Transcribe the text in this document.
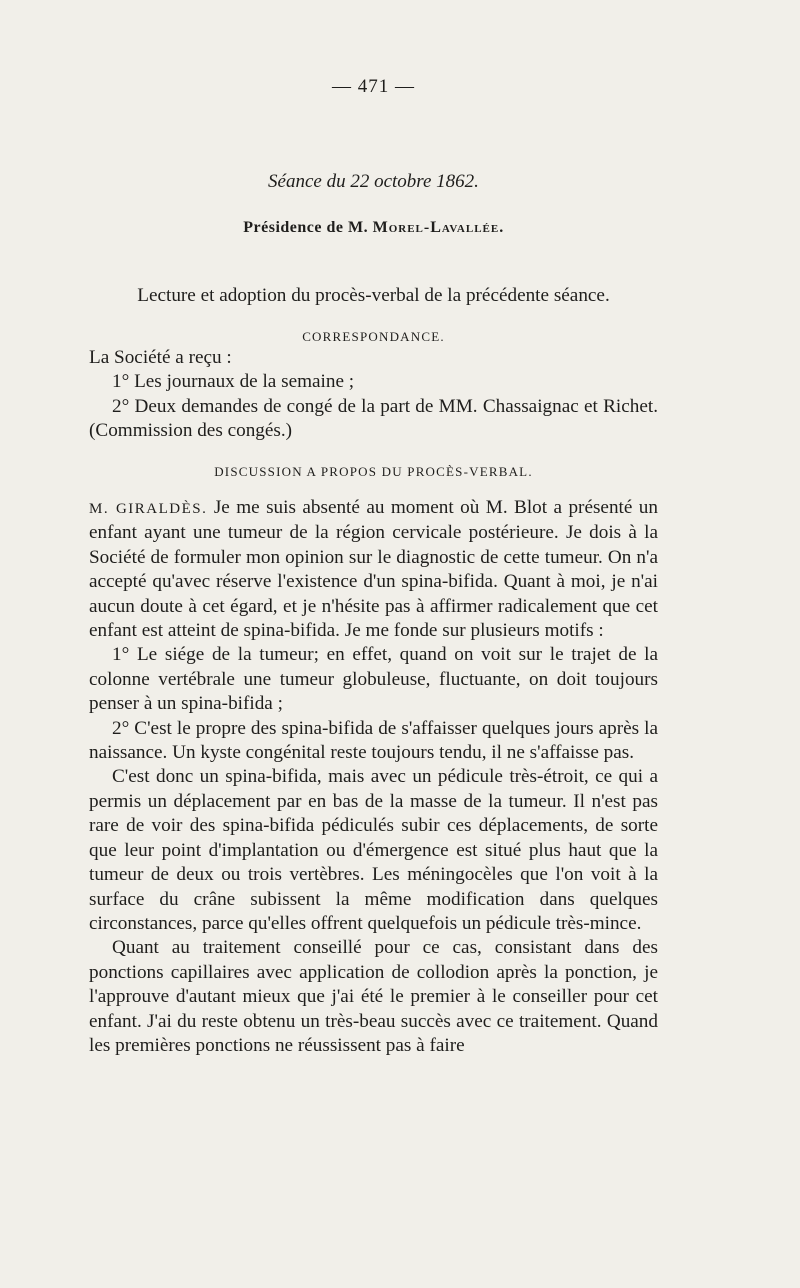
— 471 —
Séance du 22 octobre 1862.
Présidence de M. Morel-Lavallée.
Lecture et adoption du procès-verbal de la précédente séance.
CORRESPONDANCE.

La Société a reçu :

1° Les journaux de la semaine ;

2° Deux demandes de congé de la part de MM. Chassaignac et Richet. (Commission des congés.)

DISCUSSION A PROPOS DU PROCÈS-VERBAL.

M. GIRALDÈS. Je me suis absenté au moment où M. Blot a présenté un enfant ayant une tumeur de la région cervicale postérieure. Je dois à la Société de formuler mon opinion sur le diagnostic de cette tumeur. On n'a accepté qu'avec réserve l'existence d'un spina-bifida. Quant à moi, je n'ai aucun doute à cet égard, et je n'hésite pas à affirmer radicalement que cet enfant est atteint de spina-bifida. Je me fonde sur plusieurs motifs :

1° Le siége de la tumeur; en effet, quand on voit sur le trajet de la colonne vertébrale une tumeur globuleuse, fluctuante, on doit toujours penser à un spina-bifida ;

2° C'est le propre des spina-bifida de s'affaisser quelques jours après la naissance. Un kyste congénital reste toujours tendu, il ne s'affaisse pas.

C'est donc un spina-bifida, mais avec un pédicule très-étroit, ce qui a permis un déplacement par en bas de la masse de la tumeur. Il n'est pas rare de voir des spina-bifida pédiculés subir ces déplacements, de sorte que leur point d'implantation ou d'émergence est situé plus haut que la tumeur de deux ou trois vertèbres. Les méningocèles que l'on voit à la surface du crâne subissent la même modification dans quelques circonstances, parce qu'elles offrent quelquefois un pédicule très-mince.

Quant au traitement conseillé pour ce cas, consistant dans des ponctions capillaires avec application de collodion après la ponction, je l'approuve d'autant mieux que j'ai été le premier à le conseiller pour cet enfant. J'ai du reste obtenu un très-beau succès avec ce traitement. Quand les premières ponctions ne réussissent pas à faire
